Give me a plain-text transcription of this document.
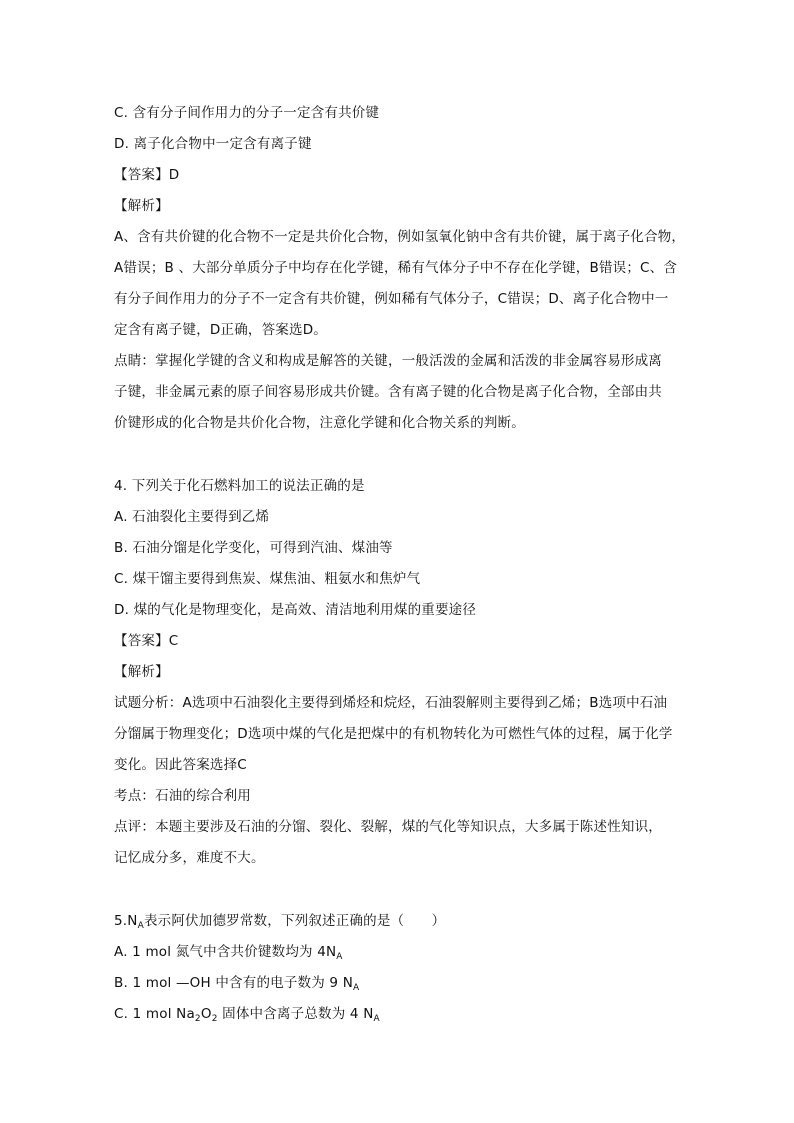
C. 含有分子间作用力的分子一定含有共价键
D. 离子化合物中一定含有离子键
【答案】D
【解析】
A、含有共价键的化合物不一定是共价化合物，例如氢氧化钠中含有共价键，属于离子化合物，
A错误；B 、大部分单质分子中均存在化学键，稀有气体分子中不存在化学键，B错误；C、含
有分子间作用力的分子不一定含有共价键，例如稀有气体分子，C错误；D、离子化合物中一
定含有离子键，D正确，答案选D。
点睛：掌握化学键的含义和构成是解答的关键，一般活泼的金属和活泼的非金属容易形成离
子键，非金属元素的原子间容易形成共价键。含有离子键的化合物是离子化合物，全部由共
价键形成的化合物是共价化合物，注意化学键和化合物关系的判断。
4. 下列关于化石燃料加工的说法正确的是
A. 石油裂化主要得到乙烯
B. 石油分馏是化学变化，可得到汽油、煤油等
C. 煤干馏主要得到焦炭、煤焦油、粗氨水和焦炉气
D. 煤的气化是物理变化，是高效、清洁地利用煤的重要途径
【答案】C
【解析】
试题分析：A选项中石油裂化主要得到烯烃和烷烃，石油裂解则主要得到乙烯；B选项中石油
分馏属于物理变化；D选项中煤的气化是把煤中的有机物转化为可燃性气体的过程，属于化学
变化。因此答案选择C
考点：石油的综合利用
点评：本题主要涉及石油的分馏、裂化、裂解，煤的气化等知识点，大多属于陈述性知识，
记忆成分多，难度不大。
$5.N_A$表示阿伏加德罗常数，下列叙述正确的是（　　）
A. 1 mol 氮气中含共价键数均为 $4N_A$
B. 1 mol —OH 中含有的电子数为 9 $N_A$
C. 1 mol $Na_2O_2$ 固体中含离子总数为 4 $N_A$
